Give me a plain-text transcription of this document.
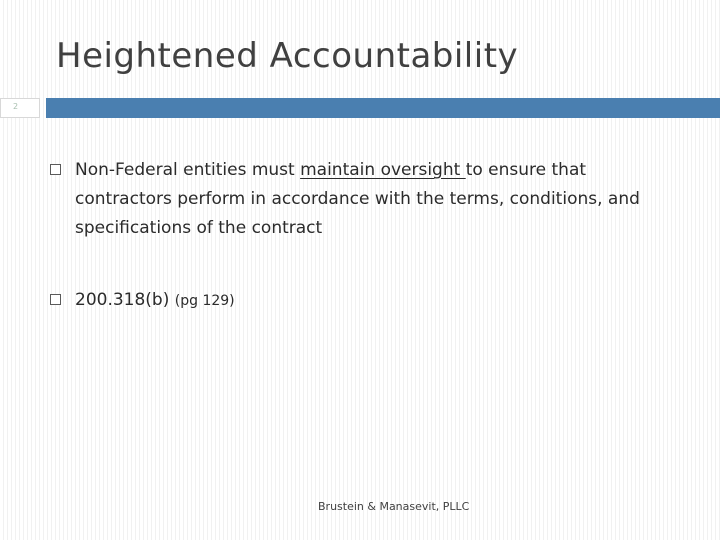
Heightened Accountability
2
Non-Federal entities must maintain oversight to ensure that contractors perform in accordance with the terms, conditions, and specifications of the contract
200.318(b) (pg 129)
Brustein & Manasevit, PLLC
